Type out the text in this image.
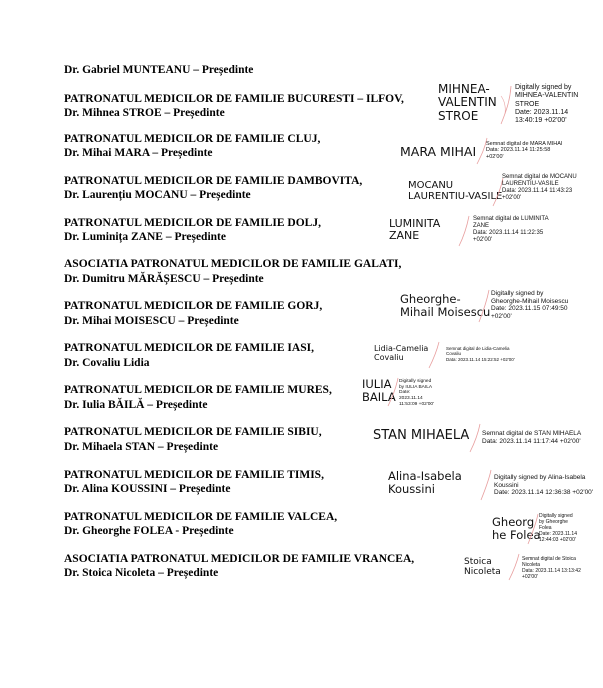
Dr. Gabriel MUNTEANU – Președinte
PATRONATUL MEDICILOR DE FAMILIE BUCURESTI – ILFOV,
Dr. Mihnea STROE – Președinte
PATRONATUL MEDICILOR DE FAMILIE CLUJ,
Dr. Mihai MARA – Președinte
PATRONATUL MEDICILOR DE FAMILIE DAMBOVITA,
Dr. Laurențiu MOCANU – Președinte
PATRONATUL MEDICILOR DE FAMILIE DOLJ,
Dr. Luminița ZANE – Președinte
ASOCIATIA PATRONATUL MEDICILOR DE FAMILIE GALATI,
Dr. Dumitru MĂRĂȘESCU – Președinte
PATRONATUL MEDICILOR DE FAMILIE GORJ,
Dr. Mihai MOISESCU – Președinte
PATRONATUL MEDICILOR DE FAMILIE IASI,
Dr. Covaliu Lidia
PATRONATUL MEDICILOR DE FAMILIE MURES,
Dr. Iulia BĂILĂ – Președinte
PATRONATUL MEDICILOR DE FAMILIE SIBIU,
Dr. Mihaela STAN – Președinte
PATRONATUL MEDICILOR DE FAMILIE TIMIS,
Dr. Alina KOUSSINI – Președinte
PATRONATUL MEDICILOR DE FAMILIE VALCEA,
Dr. Gheorghe FOLEA - Președinte
ASOCIATIA PATRONATUL MEDICILOR DE FAMILIE VRANCEA,
Dr. Stoica Nicoleta – Președinte
MIHNEA-
VALENTIN
STROE
Digitally signed by
MIHNEA-VALENTIN
STROE
Date: 2023.11.14
13:40:19 +02'00'
MARA MIHAI Semnat digital de MARA MIHAI
Data: 2023.11.14 11:25:58
+02'00'
MOCANU
LAURENTIU-VASILE
Semnat digital de MOCANU
LAURENTIU-VASILE
Data: 2023.11.14 11:43:23
+02'00'
LUMINITA
ZANE
Semnat digital de LUMINITA
ZANE
Data: 2023.11.14 11:22:35
+02'00'
Gheorghe-
Mihail Moisescu
Digitally signed by
Gheorghe-Mihail Moisescu
Date: 2023.11.15 07:49:50
+02'00'
Lidia-Camelia
Covaliu
Semnat digital de Lidia-Camelia
Covaliu
Data: 2023.11.14 15:22:52 +02'00'
IULIA
BAILA
Digitally signed
by IULIA BAILA
Date:
2023.11.14
11:53:09 +02'00'
STAN MIHAELA Semnat digital de STAN MIHAELA
Data: 2023.11.14 11:17:44 +02'00'
Alina-Isabela
Koussini
Digitally signed by Alina-Isabela
Koussini
Date: 2023.11.14 12:36:38 +02'00'
Gheorg
he Folea
Digitally signed
by Gheorghe
Folea
Date: 2023.11.14
12:44:03 +02'00'
Stoica
Nicoleta
Semnat digital de Stoica
Nicoleta
Data: 2023.11.14 13:13:42
+02'00'
